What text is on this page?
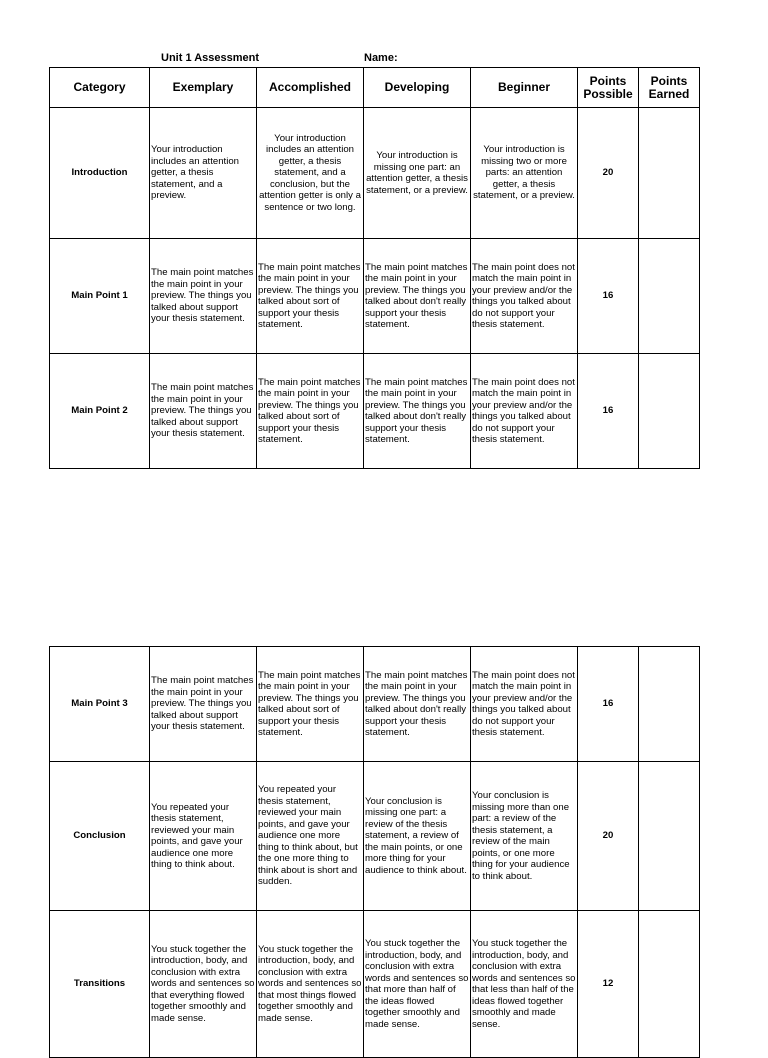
Unit 1 Assessment	Name:
Category	Exemplary	Accomplished	Developing	Beginner	Points Possible	Points Earned
Introduction	Your introduction includes an attention getter, a thesis statement, and a preview.	Your introduction includes an attention getter, a thesis statement, and a conclusion, but the attention getter is only a sentence or two long.	Your introduction is missing one part: an attention getter, a thesis statement, or a preview.	Your introduction is missing two or more parts: an attention getter, a thesis statement, or a preview.	20	
Main Point 1	The main point matches the main point in your preview. The things you talked about support your thesis statement.	The main point matches the main point in your preview. The things you talked about sort of support your thesis statement.	The main point matches the main point in your preview. The things you talked about don't really support your thesis statement.	The main point does not match the main point in your preview and/or the things you talked about do not support your thesis statement.	16	
Main Point 2	The main point matches the main point in your preview. The things you talked about support your thesis statement.	The main point matches the main point in your preview. The things you talked about sort of support your thesis statement.	The main point matches the main point in your preview. The things you talked about don't really support your thesis statement.	The main point does not match the main point in your preview and/or the things you talked about do not support your thesis statement.	16	
Main Point 3	The main point matches the main point in your preview. The things you talked about support your thesis statement.	The main point matches the main point in your preview. The things you talked about sort of support your thesis statement.	The main point matches the main point in your preview. The things you talked about don't really support your thesis statement.	The main point does not match the main point in your preview and/or the things you talked about do not support your thesis statement.	16	
Conclusion	You repeated your thesis statement, reviewed your main points, and gave your audience one more thing to think about.	You repeated your thesis statement, reviewed your main points, and gave your audience one more thing to think about, but the one more thing to think about is short and sudden.	Your conclusion is missing one part: a review of the thesis statement, a review of the main points, or one more thing for your audience to think about.	Your conclusion is missing more than one part: a review of the thesis statement, a review of the main points, or one more thing for your audience to think about.	20	
Transitions	You stuck together the introduction, body, and conclusion with extra words and sentences so that everything flowed together smoothly and made sense.	You stuck together the introduction, body, and conclusion with extra words and sentences so that most things flowed together smoothly and made sense.	You stuck together the introduction, body, and conclusion with extra words and sentences so that more than half of the ideas flowed together smoothly and made sense.	You stuck together the introduction, body, and conclusion with extra words and sentences so that less than half of the ideas flowed together smoothly and made sense.	12	
